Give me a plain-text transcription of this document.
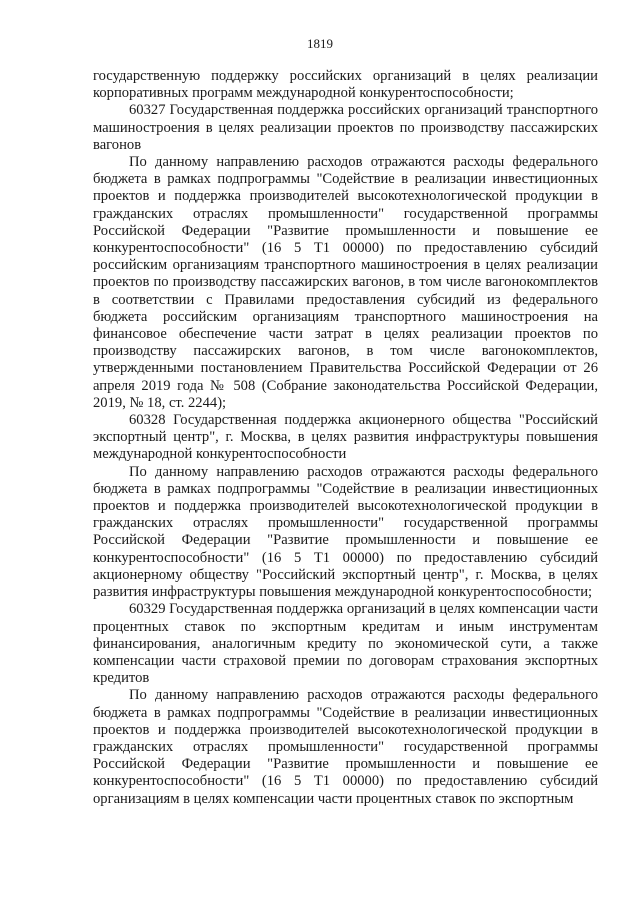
1819

государственную поддержку российских организаций в целях реализации корпоративных программ международной конкурентоспособности;

60327 Государственная поддержка российских организаций транспортного машиностроения в целях реализации проектов по производству пассажирских вагонов

По данному направлению расходов отражаются расходы федерального бюджета в рамках подпрограммы "Содействие в реализации инвестиционных проектов и поддержка производителей высокотехнологической продукции в гражданских отраслях промышленности" государственной программы Российской Федерации "Развитие промышленности и повышение ее конкурентоспособности" (16 5 Т1 00000) по предоставлению субсидий российским организациям транспортного машиностроения в целях реализации проектов по производству пассажирских вагонов, в том числе вагонокомплектов в соответствии с Правилами предоставления субсидий из федерального бюджета российским организациям транспортного машиностроения на финансовое обеспечение части затрат в целях реализации проектов по производству пассажирских вагонов, в том числе вагонокомплектов, утвержденными постановлением Правительства Российской Федерации от 26 апреля 2019 года № 508 (Собрание законодательства Российской Федерации, 2019, № 18, ст. 2244);

60328 Государственная поддержка акционерного общества "Российский экспортный центр", г. Москва, в целях развития инфраструктуры повышения международной конкурентоспособности

По данному направлению расходов отражаются расходы федерального бюджета в рамках подпрограммы "Содействие в реализации инвестиционных проектов и поддержка производителей высокотехнологической продукции в гражданских отраслях промышленности" государственной программы Российской Федерации "Развитие промышленности и повышение ее конкурентоспособности" (16 5 Т1 00000) по предоставлению субсидий акционерному обществу "Российский экспортный центр", г. Москва, в целях развития инфраструктуры повышения международной конкурентоспособности;

60329 Государственная поддержка организаций в целях компенсации части процентных ставок по экспортным кредитам и иным инструментам финансирования, аналогичным кредиту по экономической сути, а также компенсации части страховой премии по договорам страхования экспортных кредитов

По данному направлению расходов отражаются расходы федерального бюджета в рамках подпрограммы "Содействие в реализации инвестиционных проектов и поддержка производителей высокотехнологической продукции в гражданских отраслях промышленности" государственной программы Российской Федерации "Развитие промышленности и повышение ее конкурентоспособности" (16 5 Т1 00000) по предоставлению субсидий организациям в целях компенсации части процентных ставок по экспортным
